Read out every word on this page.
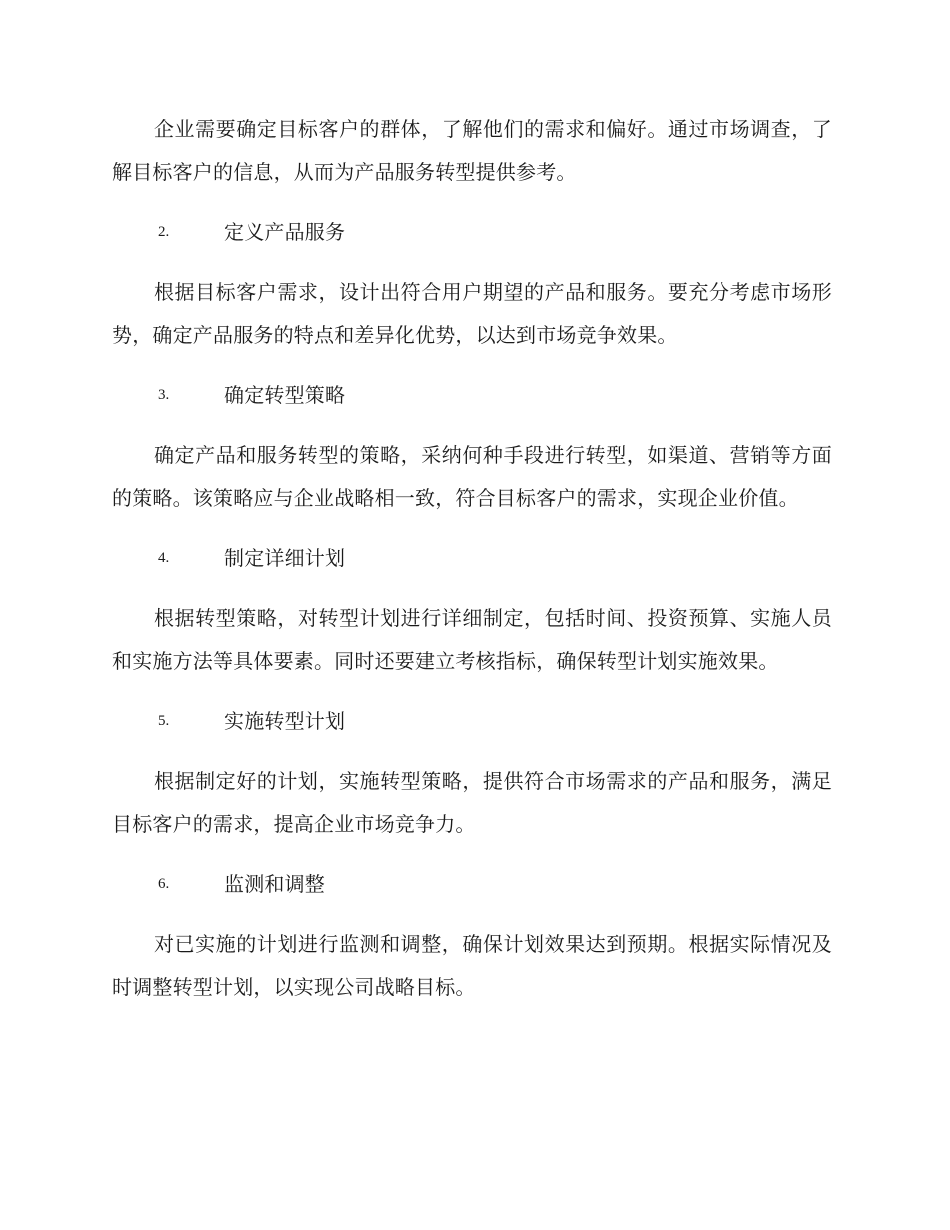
企业需要确定目标客户的群体，了解他们的需求和偏好。通过市场调查，了解目标客户的信息，从而为产品服务转型提供参考。

2.	定义产品服务

根据目标客户需求，设计出符合用户期望的产品和服务。要充分考虑市场形势，确定产品服务的特点和差异化优势，以达到市场竞争效果。

3.	确定转型策略

确定产品和服务转型的策略，采纳何种手段进行转型，如渠道、营销等方面的策略。该策略应与企业战略相一致，符合目标客户的需求，实现企业价值。

4.	制定详细计划

根据转型策略，对转型计划进行详细制定，包括时间、投资预算、实施人员和实施方法等具体要素。同时还要建立考核指标，确保转型计划实施效果。

5.	实施转型计划

根据制定好的计划，实施转型策略，提供符合市场需求的产品和服务，满足目标客户的需求，提高企业市场竞争力。

6.	监测和调整

对已实施的计划进行监测和调整，确保计划效果达到预期。根据实际情况及时调整转型计划，以实现公司战略目标。
